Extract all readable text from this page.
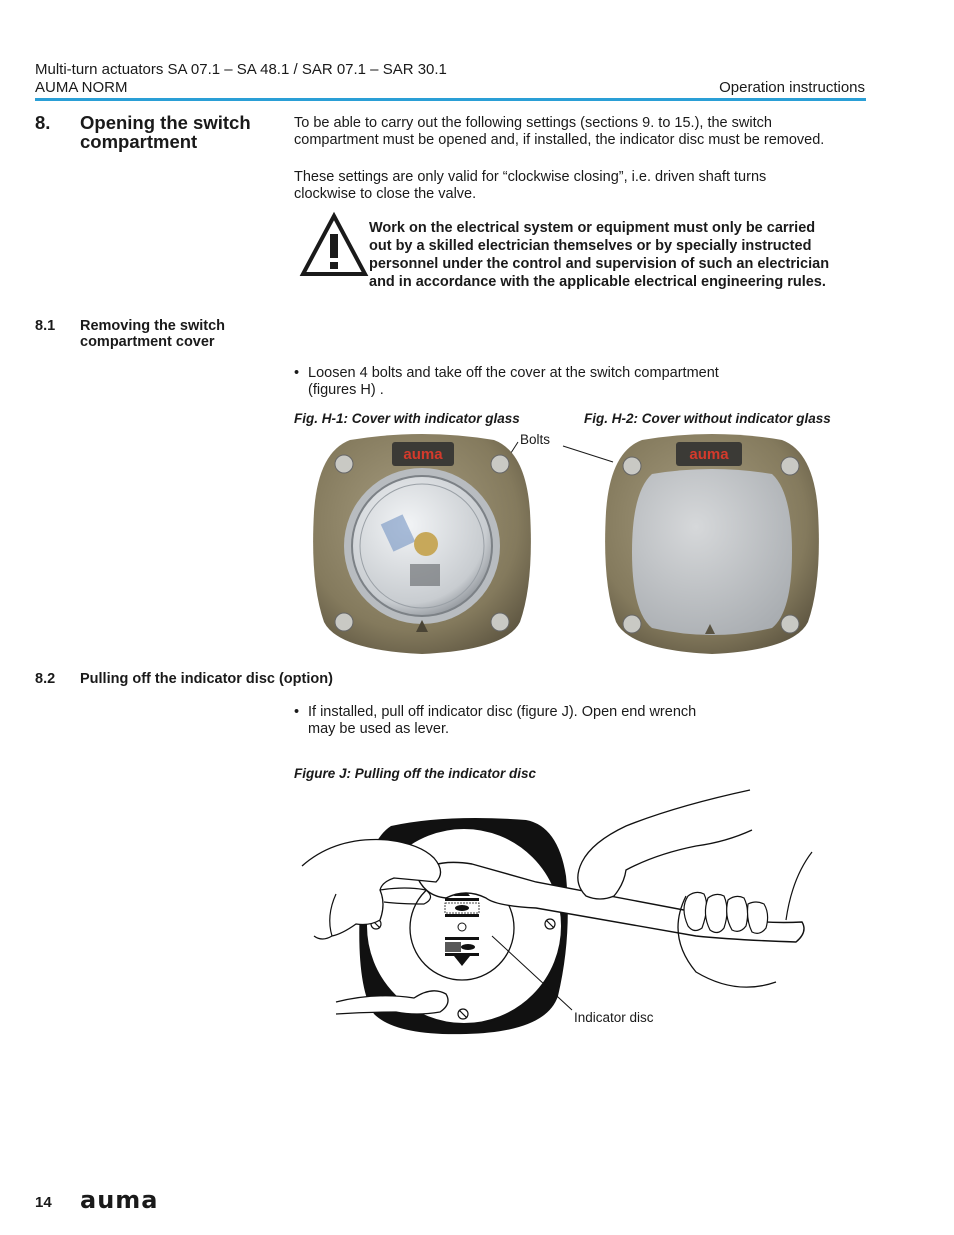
Multi-turn actuators SA 07.1 – SA 48.1 / SAR 07.1 – SAR 30.1
AUMA NORM	Operation instructions
8. Opening the switch
compartment
To be able to carry out the following settings (sections 9. to 15.), the switch
compartment must be opened and, if installed, the indicator disc must be removed.
These settings are only valid for “clockwise closing”, i.e. driven shaft turns
clockwise to close the valve.
Work on the electrical system or equipment must only be carried
out by a skilled electrician themselves or by specially instructed
personnel under the control and supervision of such an electrician
and in accordance with the applicable electrical engineering rules.
8.1 Removing the switch
compartment cover
• Loosen 4 bolts and take off the cover at the switch compartment
(figures H) .
Fig. H-1: Cover with indicator glass	Fig. H-2: Cover without indicator glass
Bolts
auma	auma
8.2 Pulling off the indicator disc (option)
• If installed, pull off indicator disc (figure J). Open end wrench
may be used as lever.
Figure J: Pulling off the indicator disc
Indicator disc
14 auma
